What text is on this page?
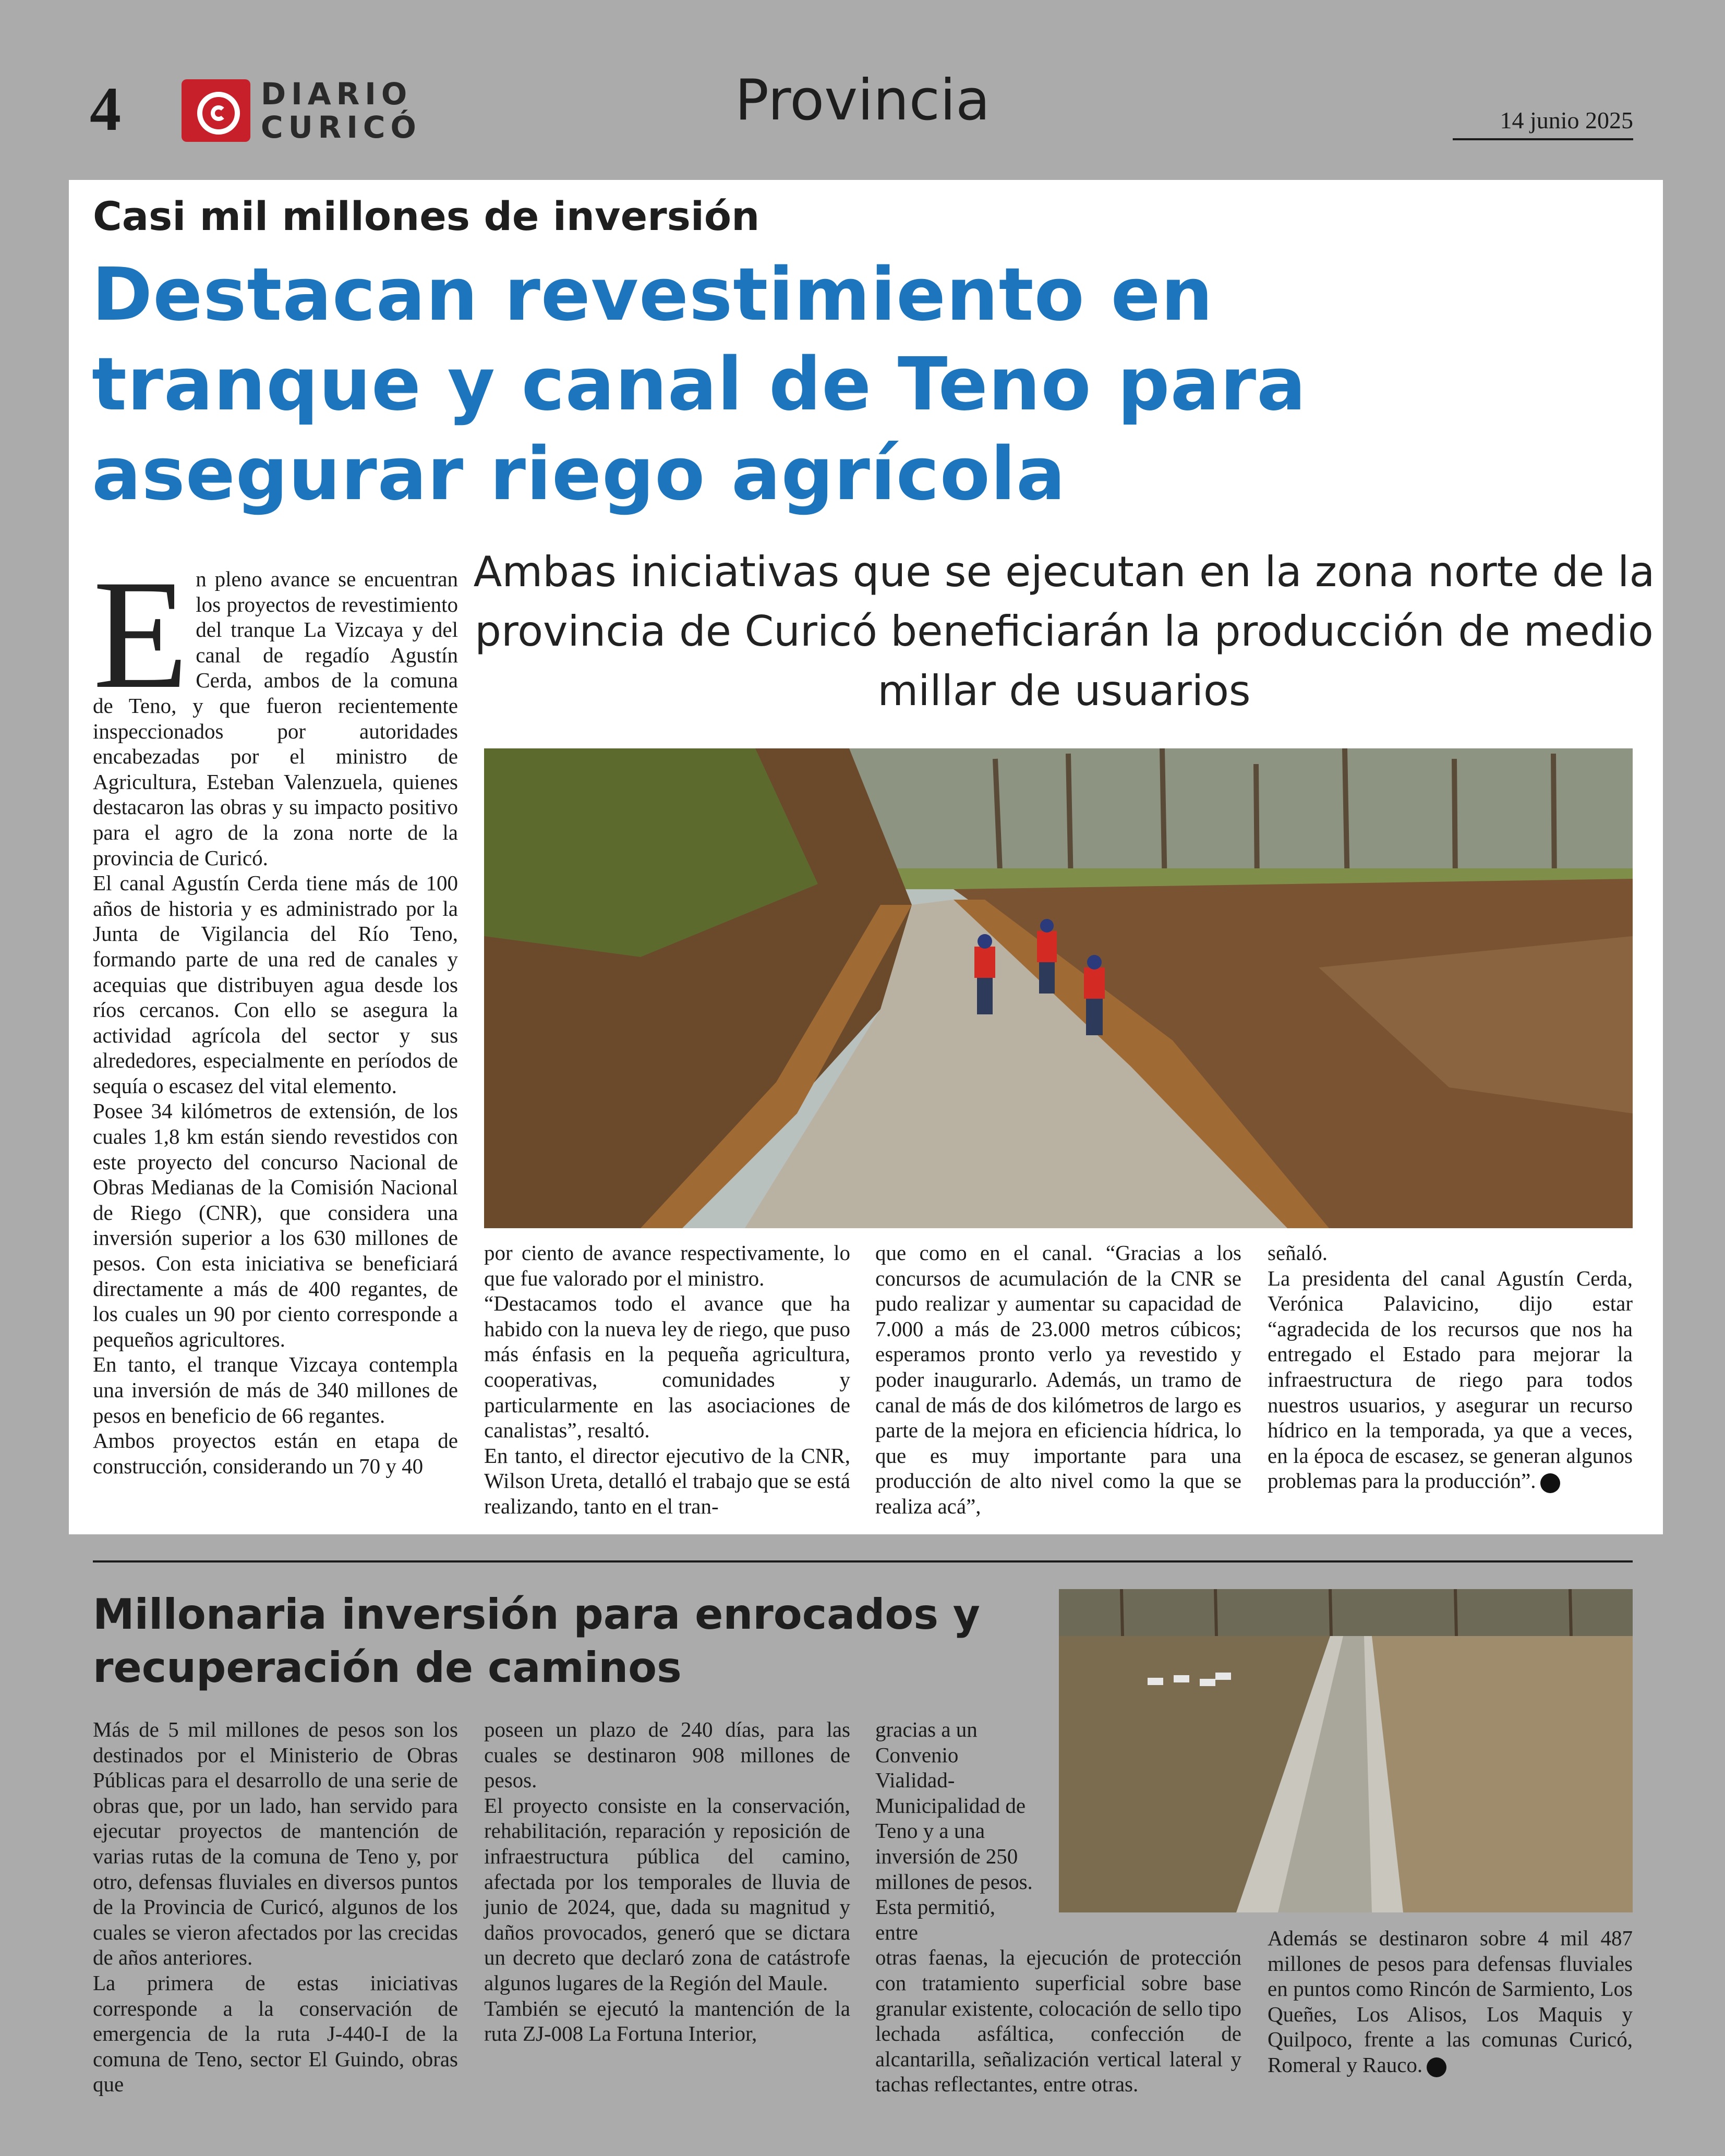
4	DIARIO
CURICÓ	Provincia	14 junio 2025
Casi mil millones de inversión
Destacan revestimiento en tranque y canal de Teno para asegurar riego agrícola
Ambas iniciativas que se ejecutan en la zona norte de la provincia de Curicó beneficiarán la producción de medio millar de usuarios

En pleno avance se encuentran los proyectos de revestimiento del tranque La Vizcaya y del canal de regadío Agustín Cerda, ambos de la comuna de Teno, y que fueron recientemente inspeccionados por autoridades encabezadas por el ministro de Agricultura, Esteban Valenzuela, quienes destacaron las obras y su impacto positivo para el agro de la zona norte de la provincia de Curicó.

El canal Agustín Cerda tiene más de 100 años de historia y es administrado por la Junta de Vigilancia del Río Teno, formando parte de una red de canales y acequias que distribuyen agua desde los ríos cercanos. Con ello se asegura la actividad agrícola del sector y sus alrededores, especialmente en períodos de sequía o escasez del vital elemento.

Posee 34 kilómetros de extensión, de los cuales 1,8 km están siendo revestidos con este proyecto del concurso Nacional de Obras Medianas de la Comisión Nacional de Riego (CNR), que considera una inversión superior a los 630 millones de pesos. Con esta iniciativa se beneficiará directamente a más de 400 regantes, de los cuales un 90 por ciento corresponde a pequeños agricultores.

En tanto, el tranque Vizcaya contempla una inversión de más de 340 millones de pesos en beneficio de 66 regantes.

Ambos proyectos están en etapa de construcción, considerando un 70 y 40

por ciento de avance respectivamente, lo que fue valorado por el ministro.

“Destacamos todo el avance que ha habido con la nueva ley de riego, que puso más énfasis en la pequeña agricultura, cooperativas, comunidades y particularmente en las asociaciones de canalistas”, resaltó.

En tanto, el director ejecutivo de la CNR, Wilson Ureta, detalló el trabajo que se está realizando, tanto en el tran-

que como en el canal. “Gracias a los concursos de acumulación de la CNR se pudo realizar y aumentar su capacidad de 7.000 a más de 23.000 metros cúbicos; esperamos pronto verlo ya revestido y poder inaugurarlo. Además, un tramo de canal de más de dos kilómetros de largo es parte de la mejora en eficiencia hídrica, lo que es muy importante para una producción de alto nivel como la que se realiza acá”,

señaló.

La presidenta del canal Agustín Cerda, Verónica Palavicino, dijo estar “agradecida de los recursos que nos ha entregado el Estado para mejorar la infraestructura de riego para todos nuestros usuarios, y asegurar un recurso hídrico en la temporada, ya que a veces, en la época de escasez, se generan algunos problemas para la producción”.

Millonaria inversión para enrocados y recuperación de caminos

Más de 5 mil millones de pesos son los destinados por el Ministerio de Obras Públicas para el desarrollo de una serie de obras que, por un lado, han servido para ejecutar proyectos de mantención de varias rutas de la comuna de Teno y, por otro, defensas fluviales en diversos puntos de la Provincia de Curicó, algunos de los cuales se vieron afectados por las crecidas de años anteriores.

La primera de estas iniciativas corresponde a la conservación de emergencia de la ruta J-440-I de la comuna de Teno, sector El Guindo, obras que

poseen un plazo de 240 días, para las cuales se destinaron 908 millones de pesos.

El proyecto consiste en la conservación, rehabilitación, reparación y reposición de infraestructura pública del camino, afectada por los temporales de lluvia de junio de 2024, que, dada su magnitud y daños provocados, generó que se dictara un decreto que declaró zona de catástrofe algunos lugares de la Región del Maule.

También se ejecutó la mantención de la ruta ZJ-008 La Fortuna Interior,

gracias a un Convenio Vialidad-Municipalidad de Teno y a una inversión de 250 millones de pesos. Esta permitió, entre

otras faenas, la ejecución de protección con tratamiento superficial sobre base granular existente, colocación de sello tipo lechada asfáltica, confección de alcantarilla, señalización vertical lateral y tachas reflectantes, entre otras.

Además se destinaron sobre 4 mil 487 millones de pesos para defensas fluviales en puntos como Rincón de Sarmiento, Los Queñes, Los Alisos, Los Maquis y Quilpoco, frente a las comunas Curicó, Romeral y Rauco.
